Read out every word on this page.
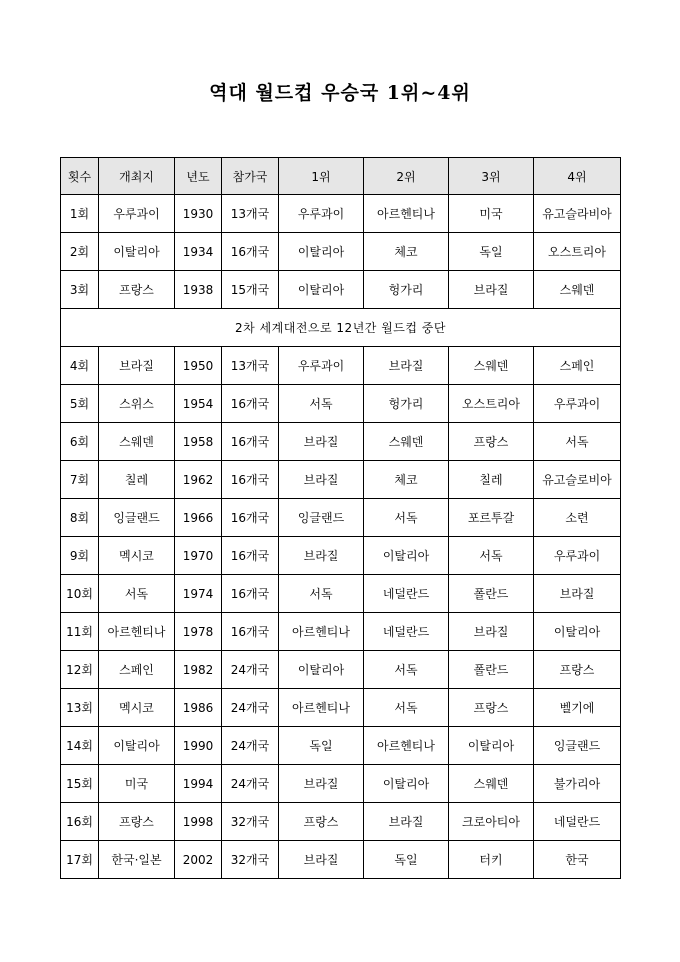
역대 월드컵 우승국 1위~4위
횟수	개최지	년도	참가국	1위	2위	3위	4위
1회	우루과이	1930	13개국	우루과이	아르헨티나	미국	유고슬라비아
2회	이탈리아	1934	16개국	이탈리아	체코	독일	오스트리아
3회	프랑스	1938	15개국	이탈리아	헝가리	브라질	스웨덴
2차 세계대전으로 12년간 월드컵 중단							
4회	브라질	1950	13개국	우루과이	브라질	스웨덴	스페인
5회	스위스	1954	16개국	서독	헝가리	오스트리아	우루과이
6회	스웨덴	1958	16개국	브라질	스웨덴	프랑스	서독
7회	칠레	1962	16개국	브라질	체코	칠레	유고슬로비아
8회	잉글랜드	1966	16개국	잉글랜드	서독	포르투갈	소련
9회	멕시코	1970	16개국	브라질	이탈리아	서독	우루과이
10회	서독	1974	16개국	서독	네덜란드	폴란드	브라질
11회	아르헨티나	1978	16개국	아르헨티나	네덜란드	브라질	이탈리아
12회	스페인	1982	24개국	이탈리아	서독	폴란드	프랑스
13회	멕시코	1986	24개국	아르헨티나	서독	프랑스	벨기에
14회	이탈리아	1990	24개국	독일	아르헨티나	이탈리아	잉글랜드
15회	미국	1994	24개국	브라질	이탈리아	스웨덴	불가리아
16회	프랑스	1998	32개국	프랑스	브라질	크로아티아	네덜란드
17회	한국·일본	2002	32개국	브라질	독일	터키	한국
